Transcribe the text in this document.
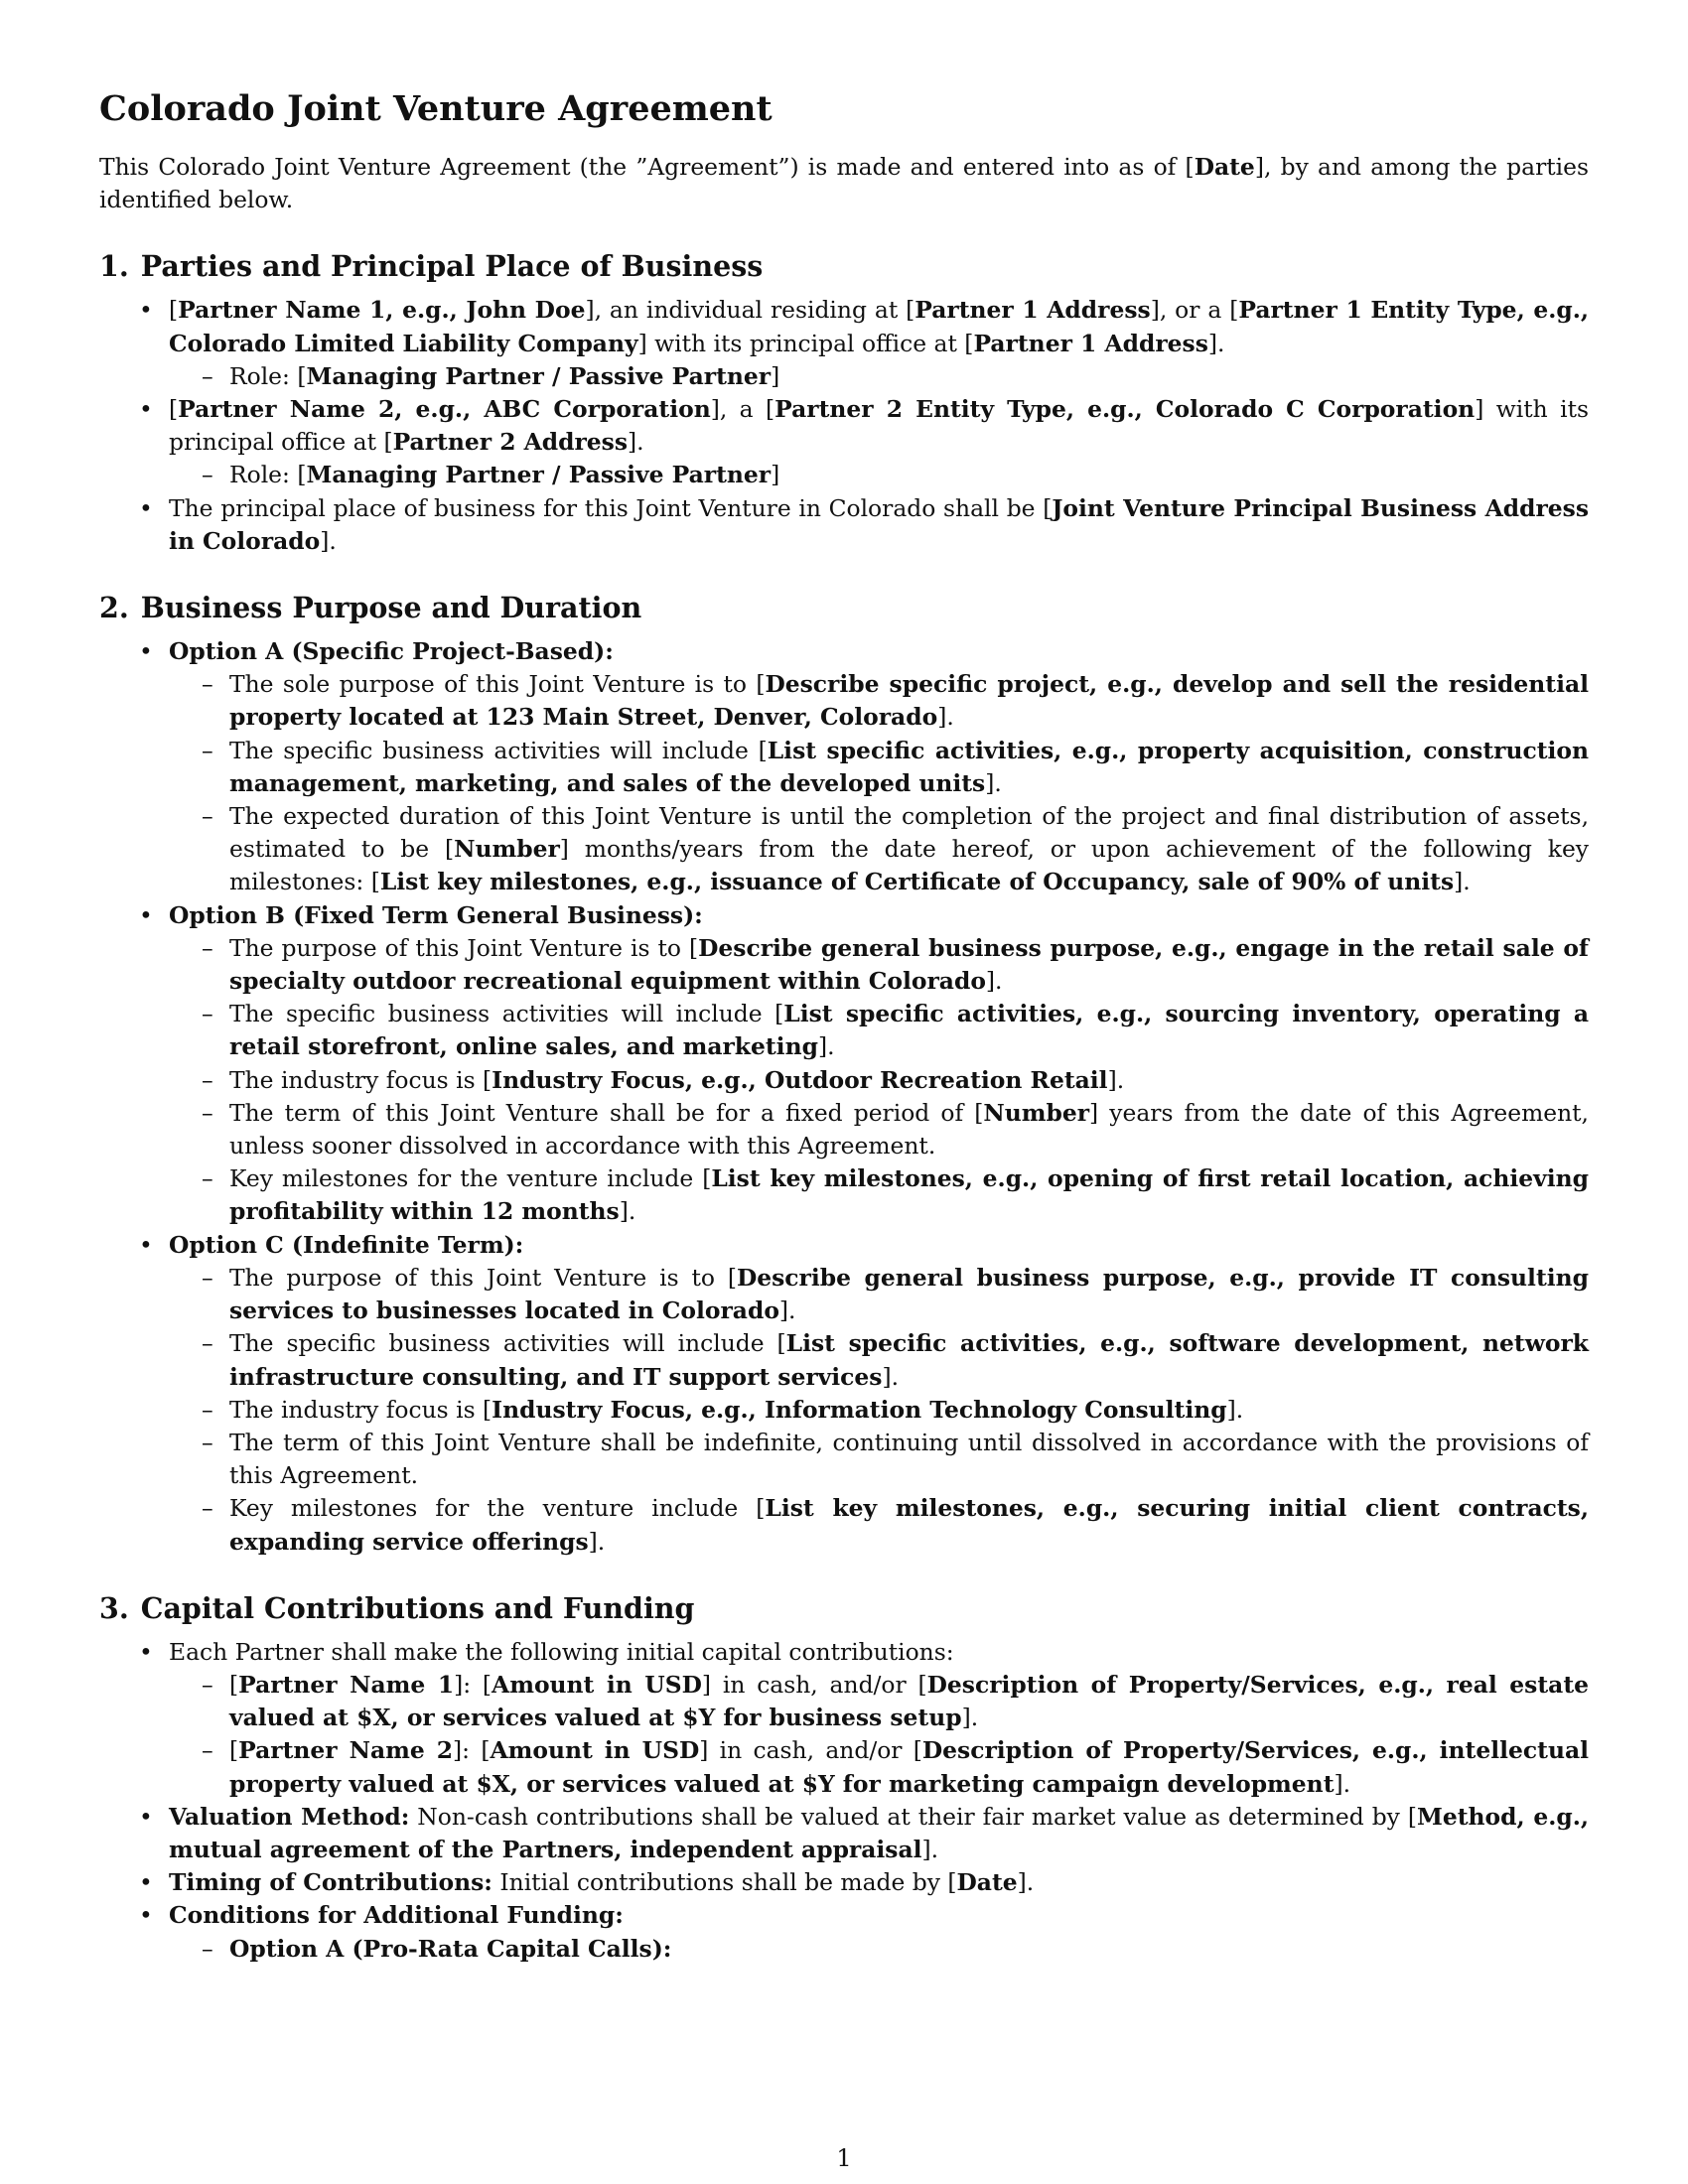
Colorado Joint Venture Agreement

This Colorado Joint Venture Agreement (the ”Agreement”) is made and entered into as of [Date], by and among the parties identified below.

1. Parties and Principal Place of Business
• [Partner Name 1, e.g., John Doe], an individual residing at [Partner 1 Address], or a [Partner 1 Entity Type, e.g., Colorado Limited Liability Company] with its principal office at [Partner 1 Address].
– Role: [Managing Partner / Passive Partner]
• [Partner Name 2, e.g., ABC Corporation], a [Partner 2 Entity Type, e.g., Colorado C Corporation] with its principal office at [Partner 2 Address].
– Role: [Managing Partner / Passive Partner]
• The principal place of business for this Joint Venture in Colorado shall be [Joint Venture Principal Business Address in Colorado].
2. Business Purpose and Duration
• Option A (Specific Project-Based):
– The sole purpose of this Joint Venture is to [Describe specific project, e.g., develop and sell the residential property located at 123 Main Street, Denver, Colorado].
– The specific business activities will include [List specific activities, e.g., property acquisition, construction management, marketing, and sales of the developed units].
– The expected duration of this Joint Venture is until the completion of the project and final distribution of assets, estimated to be [Number] months/years from the date hereof, or upon achievement of the following key milestones: [List key milestones, e.g., issuance of Certificate of Occupancy, sale of 90% of units].
• Option B (Fixed Term General Business):
– The purpose of this Joint Venture is to [Describe general business purpose, e.g., engage in the retail sale of specialty outdoor recreational equipment within Colorado].
– The specific business activities will include [List specific activities, e.g., sourcing inventory, operating a retail storefront, online sales, and marketing].
– The industry focus is [Industry Focus, e.g., Outdoor Recreation Retail].
– The term of this Joint Venture shall be for a fixed period of [Number] years from the date of this Agreement, unless sooner dissolved in accordance with this Agreement.
– Key milestones for the venture include [List key milestones, e.g., opening of first retail location, achieving profitability within 12 months].
• Option C (Indefinite Term):
– The purpose of this Joint Venture is to [Describe general business purpose, e.g., provide IT consulting services to businesses located in Colorado].
– The specific business activities will include [List specific activities, e.g., software development, network infrastructure consulting, and IT support services].
– The industry focus is [Industry Focus, e.g., Information Technology Consulting].
– The term of this Joint Venture shall be indefinite, continuing until dissolved in accordance with the provisions of this Agreement.
– Key milestones for the venture include [List key milestones, e.g., securing initial client contracts, expanding service offerings].
3. Capital Contributions and Funding
• Each Partner shall make the following initial capital contributions:
– [Partner Name 1]: [Amount in USD] in cash, and/or [Description of Property/Services, e.g., real estate valued at $X, or services valued at $Y for business setup].
– [Partner Name 2]: [Amount in USD] in cash, and/or [Description of Property/Services, e.g., intellectual property valued at $X, or services valued at $Y for marketing campaign development].
• Valuation Method: Non-cash contributions shall be valued at their fair market value as determined by [Method, e.g., mutual agreement of the Partners, independent appraisal].
• Timing of Contributions: Initial contributions shall be made by [Date].
• Conditions for Additional Funding:
– Option A (Pro-Rata Capital Calls):
1
